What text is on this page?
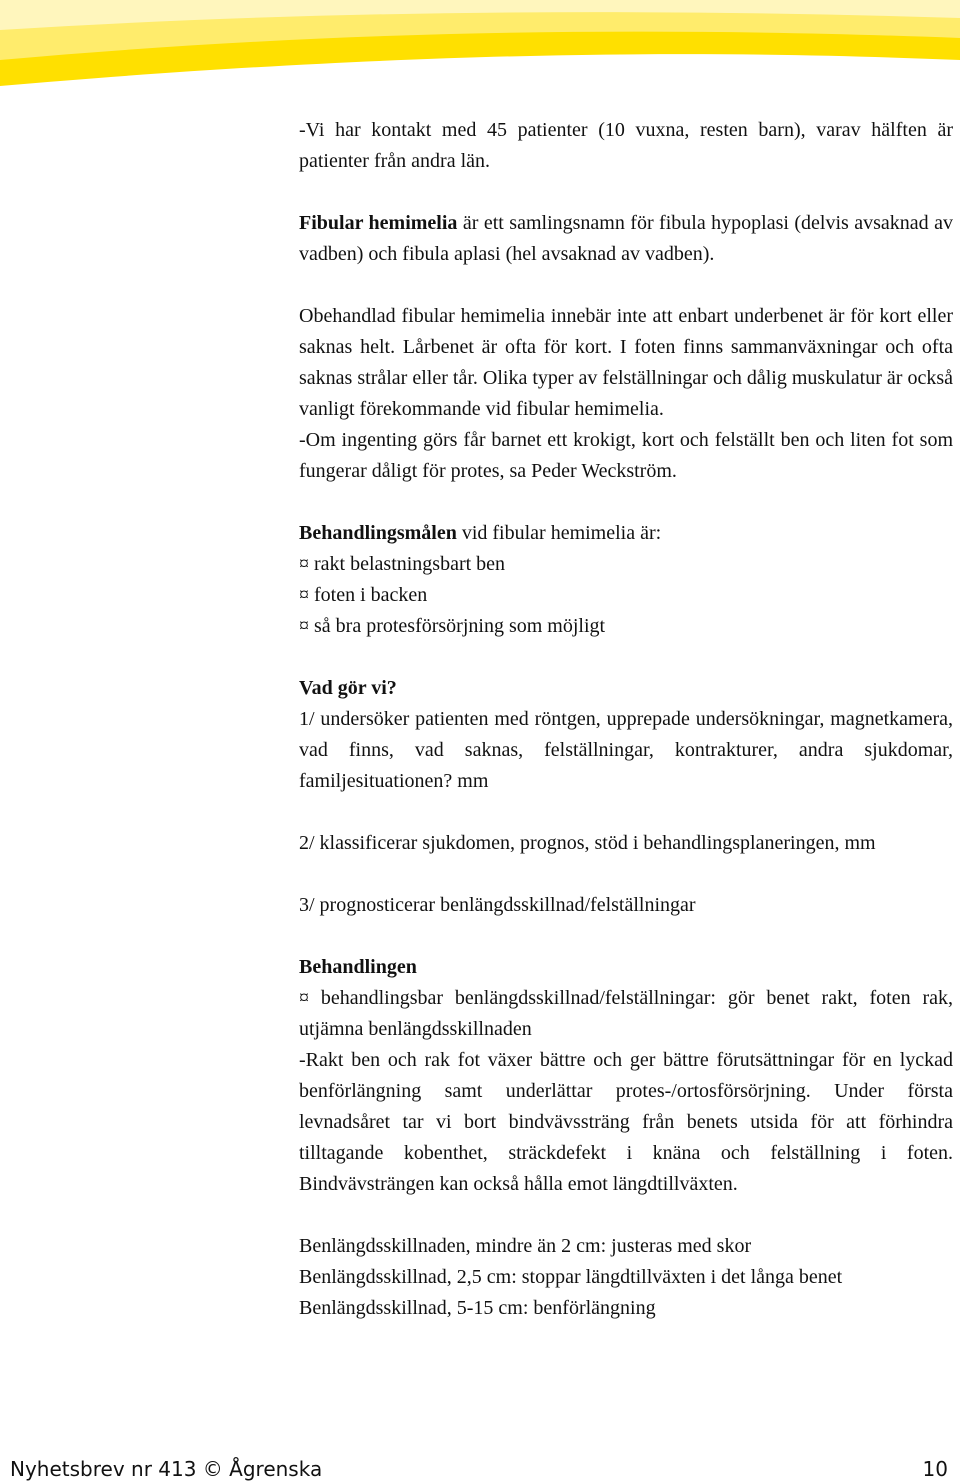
-Vi har kontakt med 45 patienter (10 vuxna, resten barn), varav hälften är patienter från andra län.

Fibular hemimelia är ett samlingsnamn för fibula hypoplasi (delvis avsaknad av vadben) och fibula aplasi (hel avsaknad av vadben).

Obehandlad fibular hemimelia innebär inte att enbart underbenet är för kort eller saknas helt. Lårbenet är ofta för kort. I foten finns sammanväxningar och ofta saknas strålar eller tår. Olika typer av felställningar och dålig muskulatur är också vanligt förekommande vid fibular hemimelia.

-Om ingenting görs får barnet ett krokigt, kort och felställt ben och liten fot som fungerar dåligt för protes, sa Peder Weckström.

Behandlingsmålen vid fibular hemimelia är:

¤ rakt belastningsbart ben

¤ foten i backen

¤ så bra protesförsörjning som möjligt

Vad gör vi?

1/ undersöker patienten med röntgen, upprepade undersökningar, magnetkamera, vad finns, vad saknas, felställningar, kontrakturer, andra sjukdomar, familjesituationen? mm

2/ klassificerar sjukdomen, prognos, stöd i behandlingsplaneringen, mm

3/ prognosticerar benlängdsskillnad/felställningar

Behandlingen

¤ behandlingsbar benlängdsskillnad/felställningar: gör benet rakt, foten rak, utjämna benlängdsskillnaden

-Rakt ben och rak fot växer bättre och ger bättre förutsättningar för en lyckad benförlängning samt underlättar protes-/ortosförsörjning. Under första levnadsåret tar vi bort bindvävssträng från benets utsida för att förhindra tilltagande kobenthet, sträckdefekt i knäna och felställning i foten. Bindvävsträngen kan också hålla emot längdtillväxten.

Benlängdsskillnaden, mindre än 2 cm: justeras med skor

Benlängdsskillnad, 2,5 cm: stoppar längdtillväxten i det långa benet

Benlängdsskillnad, 5-15 cm: benförlängning

Nyhetsbrev nr 413 © Ågrenska	10
